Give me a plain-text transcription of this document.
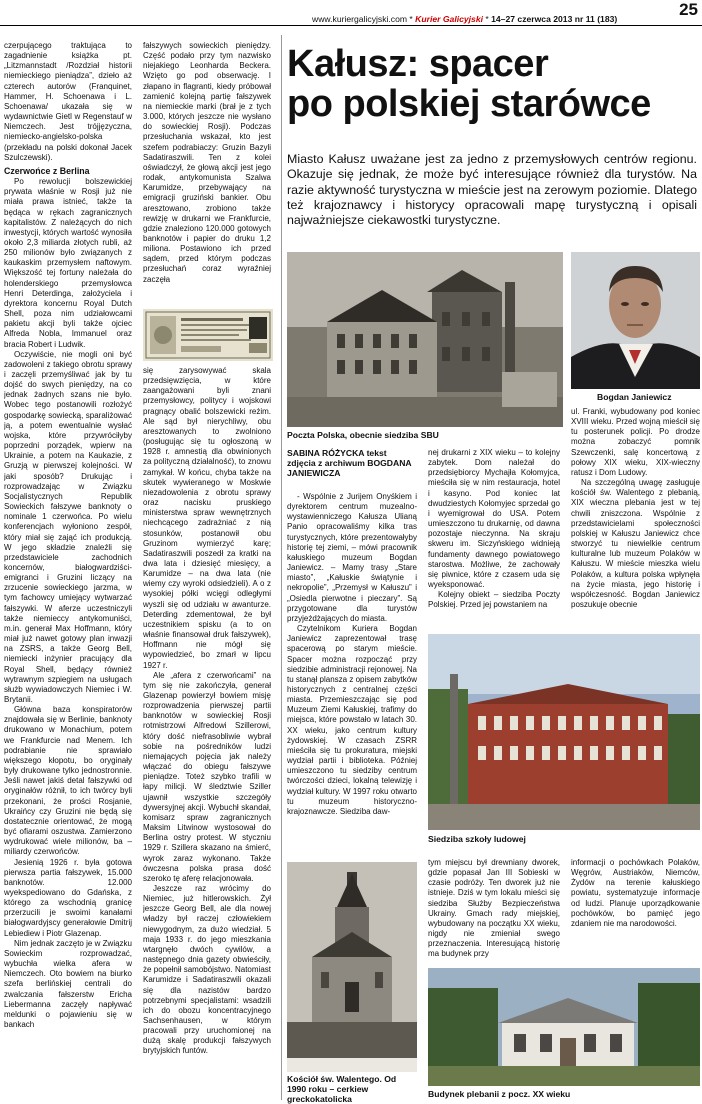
www.kuriergalicyjski.com * Kurier Galicyjski * 14–27 czerwca 2013 nr 11 (183)	25

czerpującego traktująca to zagadnienie książka pt. „Litzmannstadt /Rozdział historii niemieckiego pieniądza”, dzieło aż czterech autorów (Franquinet, Hammer, H. Schoenawa i L. Schoenawa/ ukazała się w wydawnictwie Gietl w Regenstauf w Niemczech. Jest trójjęzyczna, niemiecko-angielsko-polska (przekładu na polski dokonał Jacek Szulczewski).

Czerwońce z Berlina

Po rewolucji bolszewickiej prywata właśnie w Rosji już nie miała prawa istnieć, także ta będąca w rękach zagranicznych kapitalistów. Z należących do nich inwestycji, których wartość wynosiła około 2,3 miliarda złotych rubli, aż 250 milionów było związanych z kaukaskim przemysłem naftowym. Większość tej fortuny należała do holenderskiego przemysłowca Henri Deterdinga, założyciela i dyrektora koncernu Royal Dutch Shell, poza nim udziałowcami pakietu akcji byli także ojciec Alfreda Nobla, Immanuel oraz bracia Robert i Ludwik.

Oczywiście, nie mogli oni być zadowoleni z takiego obrotu sprawy i zaczęli przemyśliwać jak by tu dojść do swych pieniędzy, na co jednak żadnych szans nie było. Wobec tego postanowili rozłożyć gospodarkę sowiecką, sparaliżować ją, a potem ewentualnie wysłać wojska, które przywróciłyby poprzedni porządek, wpierw na Ukrainie, a potem na Kaukazie, z Gruzją w pierwszej kolejności. W jaki sposób? Drukując i rozprowadzając w Związku Socjalistycznych Republik Sowieckich fałszywe banknoty o nominale 1 czerwońca. Po wielu konferencjach wyłoniono zespół, który miał się zająć ich produkcją. W jego składzie znaleźli się przedstawiciele zachodnich koncernów, białogwardziści-emigranci i Gruzini liczący na zrzucenie sowieckiego jarzma, w tym fachowcy umiejący wytwarzać fałszywki. W aferze uczestniczyli także niemieccy antykomuniści, m.in. generał Max Hoffmann, który miał już nawet gotowy plan inwazji na ZSRS, a także Georg Bell, niemiecki inżynier pracujący dla Royal Shell, będący również wytrawnym szpiegiem na usługach służb wywiadowczych Niemiec i W. Brytanii.

Główna baza konspiratorów znajdowała się w Berlinie, banknoty drukowano w Monachium, potem we Frankfurcie nad Menem. Ich podrabianie nie sprawiało większego kłopotu, bo oryginały były drukowane tylko jednostronnie. Jeśli nawet jakiś detal fałszywki od oryginałów różnił, to ich twórcy byli przekonani, że prości Rosjanie, Ukraińcy czy Gruzini nie będą się dostatecznie orientować, że mogą być ofiarami oszustwa. Zamierzono wydrukować wiele milionów, ba – miliardy czerwońców.

Jesienią 1926 r. była gotowa pierwsza partia fałszywek, 15.000 banknotów. 12.000 wyekspediowano do Gdańska, z którego za wschodnią granicę przerzucili je swoimi kanałami białogwardyjscy generałowie Dmitrij Lebiediew i Piotr Glazenap.

Nim jednak zaczęto je w Związku Sowieckim rozprowadzać, wybuchła wielka afera w Niemczech. Oto bowiem na biurko szefa berlińskiej centrali do zwalczania fałszerstw Ericha Liebermanna zaczęły napływać meldunki o pojawieniu się w bankach

fałszywych sowieckich pieniędzy. Część podało przy tym nazwisko niejakiego Leonharda Beckera. Wzięto go pod obserwację. I złapano in flagranti, kiedy próbował zamienić kolejną partię fałszywek na niemieckie marki (brał je z tych 3.000, których jeszcze nie wysłano do sowieckiej Rosji). Podczas przesłuchania wskazał, kto jest szefem podrabiaczy: Gruzin Bazyli Sadatiraszwili. Ten z kolei oświadczył, że głową akcji jest jego rodak, antykomunista Szalwa Karumidze, przebywający na emigracji gruziński bankier. Obu aresztowano, zrobiono także rewizję w drukarni we Frankfurcie, gdzie znaleziono 120.000 gotowych banknotów i papier do druku 1,2 miliona. Postawiono ich przed sądem, przed którym podczas przesłuchań coraz wyraźniej zaczęła

się zarysowywać skala przedsięwzięcia, w które zaangażowani byli znani przemysłowcy, politycy i wojskowi pragnący obalić bolszewicki reżim. Ale sąd był nierychliwy, obu aresztowanych to zwolniono (posługując się tu ogłoszoną w 1928 r. amnestią dla obwinionych za polityczną działalność), to znowu zamykał. W końcu, chyba także na skutek wywieranego w Moskwie niezadowolenia z obrotu sprawy oraz nacisku pruskiego ministerstwa spraw wewnętrznych niechcącego zadrażniać z nią stosunków, postanowił obu Gruzinom wymierzyć karę; Sadatiraszwili poszedł za kratki na dwa lata i dziesięć miesięcy, a Karumidze – na dwa lata (nie wiemy czy wyroki odsiedzieli). A o z wysokiej półki wcięgi odległymi wyszli się od udziału w awanturze. Deterding zdementował, że był uczestnikiem spisku (a to on właśnie finansował druk fałszywek), Hoffmann nie mógł się wypowiedzieć, bo zmarł w lipcu 1927 r.

Ale „afera z czerwońcami” na tym się nie zakończyła, generał Glazenap powierzył bowiem misję rozprowadzenia pierwszej partii banknotów w sowieckiej Rosji rotmistrzowi Alfredowi Szillerowi, który dość niefrasobliwie wybrał sobie na pośredników ludzi niemających pojęcia jak należy włączać do obiegu fałszywe pieniądze. Toteż szybko trafili w łapy milicji. W śledztwie Sziller ujawnił wszystkie szczegóły dywersyjnej akcji. Wybuchł skandał, komisarz spraw zagranicznych Maksim Litwinow wystosował do Berlina ostry protest. W styczniu 1929 r. Szillera skazano na śmierć, wyrok zaraz wykonano. Także ówczesna polska prasa dość szeroko tę aferę relacjonowała.

Jeszcze raz wrócimy do Niemiec, już hitlerowskich. Żył jeszcze Georg Bell, ale dla nowej władzy był raczej człowiekiem niewygodnym, za dużo wiedział. 5 maja 1933 r. do jego mieszkania wtargnęło dwóch cywilów, a następnego dnia gazety obwieściły, że popełnił samobójstwo. Natomiast Karumidze i Sadatiraszwili okazali się dla nazistów bardzo potrzebnymi specjalistami: wsadzili ich do obozu koncentracyjnego Sachsenhausen, w którym pracowali przy uruchomionej na dużą skalę produkcji fałszywych brytyjskich funtów.

Kałusz: spacer
po polskiej starówce
Miasto Kałusz uważane jest za jedno z przemysłowych centrów regionu. Okazuje się jednak, że może być interesujące również dla turystów. Na razie aktywność turystyczna w mieście jest na zerowym poziomie. Dlatego też krajoznawcy i historycy opracowali mapę turystyczną i opisali najważniejsze ciekawostki turystyczne.
Poczta Polska, obecnie siedziba SBU
Bogdan Janiewicz
SABINA RÓŻYCKA tekst zdjęcia z archiwum BOGDANA JANIEWICZA

- Wspólnie z Jurijem Onyśkiem i dyrektorem centrum muzealno-wystawienniczego Kałusza Ulianą Panio opracowaliśmy kilka tras turystycznych, które prezentowałyby historię tej ziemi, – mówi pracownik kałuskiego muzeum Bogdan Janiewicz. – Mamy trasy „Stare miasto”, „Kałuskie świątynie i nekropolie”, „Przemysł w Kałuszu” i „Osiedla pierwotne i pieczary”. Są przygotowane dla turystów przyjeżdżających do miasta.

Czytelnikom Kuriera Bogdan Janiewicz zaprezentował trasę spacerową po starym mieście. Spacer można rozpocząć przy siedzibie administracji rejonowej. Na tu stanął plansza z opisem zabytków historycznych z centralnej części miasta. Przemieszczając się pod Muzeum Ziemi Kałuskiej, trafimy do miejsca, które powstało w latach 30. XX wieku, jako centrum kultury żydowskiej. W czasach ZSRR mieściła się tu prokuratura, miejski wydział partii i biblioteka. Później umieszczono tu siedziby centrum twórczości dzieci, lokalną telewizję i wydział kultury. W 1997 roku otwarto tu muzeum historyczno-krajoznawcze. Siedziba daw-

nej drukarni z XIX wieku – to kolejny zabytek. Dom należał do przedsiębiorcy Mychajła Kołomyjca, mieściła się w nim restauracja, hotel i kasyno. Pod koniec lat dwudziestych Kołomyjec sprzedał go i wyemigrował do USA. Potem umieszczono tu drukarnię, od dawna pozostaje nieczynna. Na skraju skweru im. Siczyńskiego widnieją fundamenty dawnego powiatowego starostwa. Możliwe, że zachowały się piwnice, które z czasem uda się wyeksponować.

Kolejny obiekt – siedziba Poczty Polskiej. Przed jej powstaniem na

ul. Franki, wybudowany pod koniec XVIII wieku. Przed wojną mieścił się tu posterunek policji. Po drodze można zobaczyć pomnik Szewczenki, salę koncertową z połowy XIX wieku, XIX-wieczny ratusz i Dom Ludowy.

Na szczególną uwagę zasługuje kościół św. Walentego z plebanią, XIX wieczna plebania jest w tej chwili zniszczona. Wspólnie z przedstawicielami społeczności polskiej w Kałuszu Janiewicz chce stworzyć tu niewielkie centrum kulturalne lub muzeum Polaków w Kałuszu. W mieście mieszka wielu Polaków, a kultura polska wpłynęła na życie miasta, jego historię i współczesność. Bogdan Janiewicz poszukuje obecnie

Siedziba szkoły ludowej
Kościół św. Walentego. Od 1990 roku – cerkiew greckokatolicka

tym miejscu był drewniany dworek, gdzie popasał Jan III Sobieski w czasie podróży. Ten dworek już nie istnieje. Dziś w tym lokalu mieści się siedziba Służby Bezpieczeństwa Ukrainy. Gmach rady miejskiej, wybudowany na początku XX wieku, nigdy nie zmieniał swego przeznaczenia. Interesującą historię ma budynek przy

informacji o pochówkach Polaków, Węgrów, Austriaków, Niemców, Żydów na terenie kałuskiego powiatu, systematyzuje informacje od ludzi. Planuje uporządkowanie pochówków, bo pamięć jego zdaniem nie ma narodowości.

Budynek plebanii z pocz. XX wieku
